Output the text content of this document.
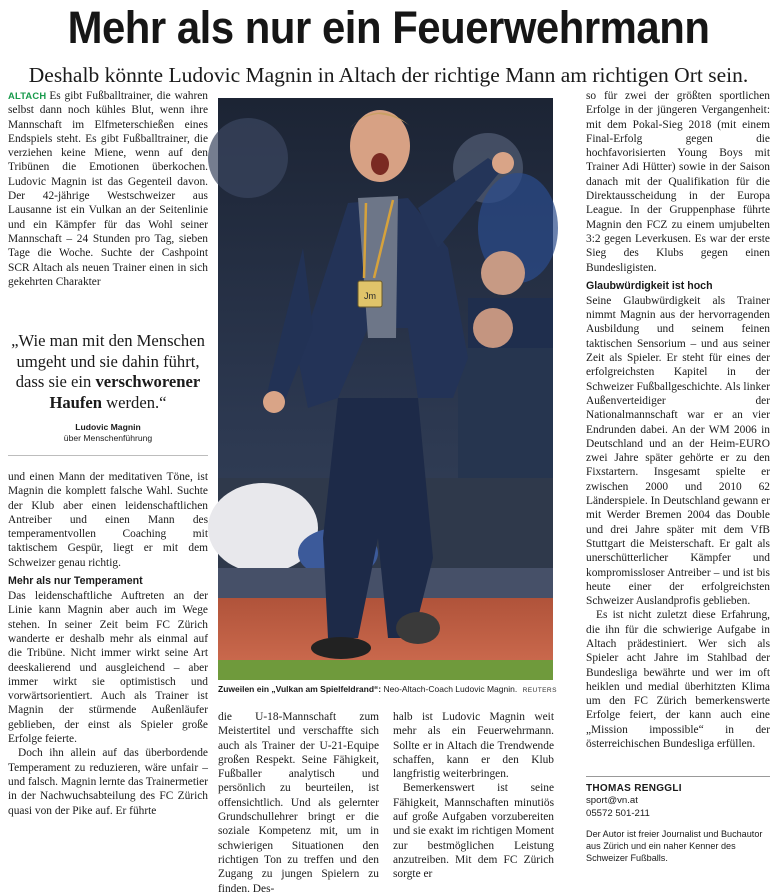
Mehr als nur ein Feuerwehrmann
Deshalb könnte Ludovic Magnin in Altach der richtige Mann am richtigen Ort sein.

ALTACH Es gibt Fußballtrainer, die wahren selbst dann noch kühles Blut, wenn ihre Mannschaft im Elfmeterschießen eines Endspiels steht. Es gibt Fußballtrainer, die verziehen keine Miene, wenn auf den Tribünen die Emotionen überkochen. Ludovic Magnin ist das Gegenteil davon. Der 42-jährige Westschweizer aus Lausanne ist ein Vulkan an der Seitenlinie und ein Kämpfer für das Wohl seiner Mannschaft – 24 Stunden pro Tag, sieben Tage die Woche. Suchte der Cashpoint SCR Altach als neuen Trainer einen in sich gekehrten Charakter

„Wie man mit den Menschen umgeht und sie dahin führt, dass sie ein verschworener Haufen werden.“
Ludovic Magnin
über Menschenführung

und einen Mann der meditativen Töne, ist Magnin die komplett falsche Wahl. Suchte der Klub aber einen leidenschaftlichen Antreiber und einen Mann des temperamentvollen Coaching mit taktischem Gespür, liegt er mit dem Schweizer genau richtig.

Mehr als nur Temperament

Das leidenschaftliche Auftreten an der Linie kann Magnin aber auch im Wege stehen. In seiner Zeit beim FC Zürich wanderte er deshalb mehr als einmal auf die Tribüne. Nicht immer wirkt seine Art deeskalierend und ausgleichend – aber immer wirkt sie optimistisch und vorwärtsorientiert. Auch als Trainer ist Magnin der stürmende Außenläufer geblieben, der einst als Spieler große Erfolge feierte.

Doch ihn allein auf das überbordende Temperament zu reduzieren, wäre unfair – und falsch. Magnin lernte das Trainermetier in der Nachwuchsabteilung des FC Zürich quasi von der Pike auf. Er führte

Jm
Zuweilen ein „Vulkan am Spielfeldrand“: Neo-Altach-Coach Ludovic Magnin. REUTERS

die U-18-Mannschaft zum Meistertitel und verschaffte sich auch als Trainer der U-21-Equipe großen Respekt. Seine Fähigkeit, Fußballer analytisch und persönlich zu beurteilen, ist offensichtlich. Und als gelernter Grundschullehrer bringt er die soziale Kompetenz mit, um in schwierigen Situationen den richtigen Ton zu treffen und den Zugang zu jungen Spielern zu finden. Des-

halb ist Ludovic Magnin weit mehr als ein Feuerwehrmann. Sollte er in Altach die Trendwende schaffen, kann er den Klub langfristig weiterbringen.

Bemerkenswert ist seine Fähigkeit, Mannschaften minutiös auf große Aufgaben vorzubereiten und sie exakt im richtigen Moment zur bestmöglichen Leistung anzutreiben. Mit dem FC Zürich sorgte er

so für zwei der größten sportlichen Erfolge in der jüngeren Vergangenheit: mit dem Pokal-Sieg 2018 (mit einem Final-Erfolg gegen die hochfavorisierten Young Boys mit Trainer Adi Hütter) sowie in der Saison danach mit der Qualifikation für die Direktausscheidung in der Europa League. In der Gruppenphase führte Magnin den FCZ zu einem umjubelten 3:2 gegen Leverkusen. Es war der erste Sieg des Klubs gegen einen Bundesligisten.

Glaubwürdigkeit ist hoch

Seine Glaubwürdigkeit als Trainer nimmt Magnin aus der hervorragenden Ausbildung und seinem feinen taktischen Sensorium – und aus seiner Zeit als Spieler. Er steht für eines der erfolgreichsten Kapitel in der Schweizer Fußballgeschichte. Als linker Außenverteidiger der Nationalmannschaft war er an vier Endrunden dabei. An der WM 2006 in Deutschland und an der Heim-EURO zwei Jahre später gehörte er zu den Fixstartern. Insgesamt spielte er zwischen 2000 und 2010 62 Länderspiele. In Deutschland gewann er mit Werder Bremen 2004 das Double und drei Jahre später mit dem VfB Stuttgart die Meisterschaft. Er galt als unerschütterlicher Kämpfer und kompromissloser Antreiber – und ist bis heute einer der erfolgreichsten Schweizer Auslandprofis geblieben.

Es ist nicht zuletzt diese Erfahrung, die ihn für die schwierige Aufgabe in Altach prädestiniert. Wer sich als Spieler acht Jahre im Stahlbad der Bundesliga bewährte und wer im oft heiklen und medial überhitzten Klima um den FC Zürich bemerkenswerte Erfolge feiert, der kann auch eine „Mission impossible“ in der österreichischen Bundesliga erfüllen.

THOMAS RENGGLI
sport@vn.at
05572 501-211
Der Autor ist freier Journalist und Buchautor aus Zürich und ein naher Kenner des Schweizer Fußballs.
